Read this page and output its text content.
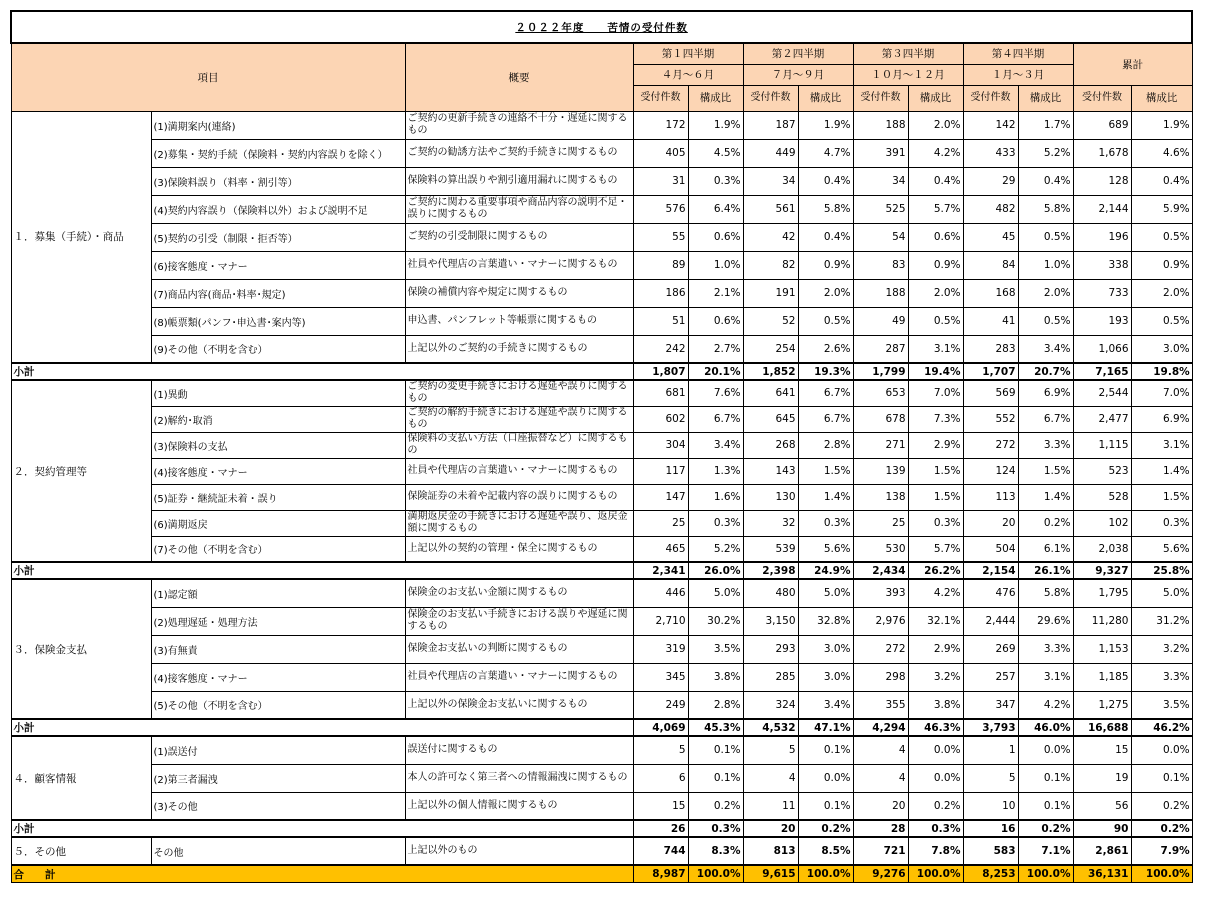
２０２２年度　　苦情の受付件数												
項目		概要	第１四半期		第２四半期		第３四半期		第４四半期		累計	
			４月～６月		７月～９月		１０月～１２月		１月～３月			
			受付件数	構成比	受付件数	構成比	受付件数	構成比	受付件数	構成比	受付件数	構成比
１．募集（手続）・商品	(1)満期案内(連絡)	ご契約の更新手続きの連絡不十分・遅延に関するもの	172	1.9%	187	1.9%	188	2.0%	142	1.7%	689	1.9%
	(2)募集・契約手続（保険料・契約内容誤りを除く）	ご契約の勧誘方法やご契約手続きに関するもの	405	4.5%	449	4.7%	391	4.2%	433	5.2%	1,678	4.6%
	(3)保険料誤り（料率・割引等）	保険料の算出誤りや割引適用漏れに関するもの	31	0.3%	34	0.4%	34	0.4%	29	0.4%	128	0.4%
	(4)契約内容誤り（保険料以外）および説明不足	ご契約に関わる重要事項や商品内容の説明不足・誤りに関するもの	576	6.4%	561	5.8%	525	5.7%	482	5.8%	2,144	5.9%
	(5)契約の引受（制限・拒否等）	ご契約の引受制限に関するもの	55	0.6%	42	0.4%	54	0.6%	45	0.5%	196	0.5%
	(6)接客態度・マナー	社員や代理店の言葉遣い・マナーに関するもの	89	1.0%	82	0.9%	83	0.9%	84	1.0%	338	0.9%
	(7)商品内容(商品･料率･規定)	保険の補償内容や規定に関するもの	186	2.1%	191	2.0%	188	2.0%	168	2.0%	733	2.0%
	(8)帳票類(パンフ･申込書･案内等)	申込書、パンフレット等帳票に関するもの	51	0.6%	52	0.5%	49	0.5%	41	0.5%	193	0.5%
	(9)その他（不明を含む）	上記以外のご契約の手続きに関するもの	242	2.7%	254	2.6%	287	3.1%	283	3.4%	1,066	3.0%
小計			1,807	20.1%	1,852	19.3%	1,799	19.4%	1,707	20.7%	7,165	19.8%
２．契約管理等	(1)異動	ご契約の変更手続きにおける遅延や誤りに関するもの	681	7.6%	641	6.7%	653	7.0%	569	6.9%	2,544	7.0%
	(2)解約･取消	ご契約の解約手続きにおける遅延や誤りに関するもの	602	6.7%	645	6.7%	678	7.3%	552	6.7%	2,477	6.9%
	(3)保険料の支払	保険料の支払い方法（口座振替など）に関するもの	304	3.4%	268	2.8%	271	2.9%	272	3.3%	1,115	3.1%
	(4)接客態度・マナー	社員や代理店の言葉遣い・マナーに関するもの	117	1.3%	143	1.5%	139	1.5%	124	1.5%	523	1.4%
	(5)証券・継続証未着・誤り	保険証券の未着や記載内容の誤りに関するもの	147	1.6%	130	1.4%	138	1.5%	113	1.4%	528	1.5%
	(6)満期返戻	満期返戻金の手続きにおける遅延や誤り、返戻金額に関するもの	25	0.3%	32	0.3%	25	0.3%	20	0.2%	102	0.3%
	(7)その他（不明を含む）	上記以外の契約の管理・保全に関するもの	465	5.2%	539	5.6%	530	5.7%	504	6.1%	2,038	5.6%
小計			2,341	26.0%	2,398	24.9%	2,434	26.2%	2,154	26.1%	9,327	25.8%
３．保険金支払	(1)認定額	保険金のお支払い金額に関するもの	446	5.0%	480	5.0%	393	4.2%	476	5.8%	1,795	5.0%
	(2)処理遅延・処理方法	保険金のお支払い手続きにおける誤りや遅延に関するもの	2,710	30.2%	3,150	32.8%	2,976	32.1%	2,444	29.6%	11,280	31.2%
	(3)有無責	保険金お支払いの判断に関するもの	319	3.5%	293	3.0%	272	2.9%	269	3.3%	1,153	3.2%
	(4)接客態度・マナー	社員や代理店の言葉遣い・マナーに関するもの	345	3.8%	285	3.0%	298	3.2%	257	3.1%	1,185	3.3%
	(5)その他（不明を含む）	上記以外の保険金お支払いに関するもの	249	2.8%	324	3.4%	355	3.8%	347	4.2%	1,275	3.5%
小計			4,069	45.3%	4,532	47.1%	4,294	46.3%	3,793	46.0%	16,688	46.2%
４．顧客情報	(1)誤送付	誤送付に関するもの	5	0.1%	5	0.1%	4	0.0%	1	0.0%	15	0.0%
	(2)第三者漏洩	本人の許可なく第三者への情報漏洩に関するもの	6	0.1%	4	0.0%	4	0.0%	5	0.1%	19	0.1%
	(3)その他	上記以外の個人情報に関するもの	15	0.2%	11	0.1%	20	0.2%	10	0.1%	56	0.2%
小計			26	0.3%	20	0.2%	28	0.3%	16	0.2%	90	0.2%
５．その他	その他	上記以外のもの	744	8.3%	813	8.5%	721	7.8%	583	7.1%	2,861	7.9%
合　　計			8,987	100.0%	9,615	100.0%	9,276	100.0%	8,253	100.0%	36,131	100.0%
